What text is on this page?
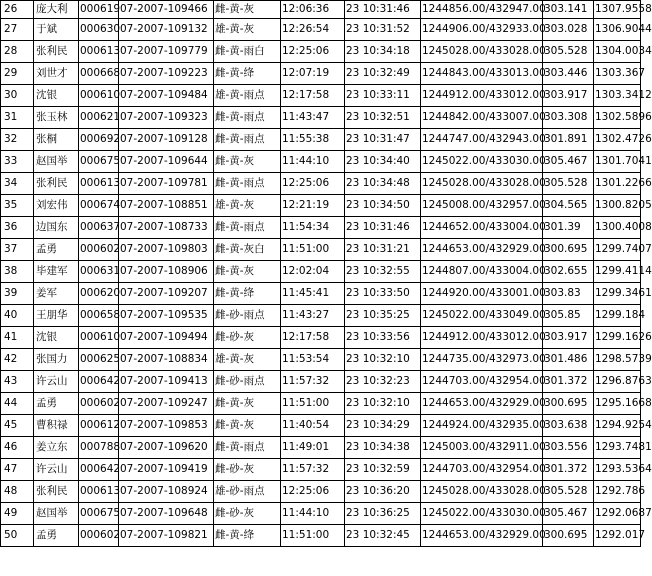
26	庞大利	000619	07-2007-109466	雌-黄-灰	12:06:36	23 10:31:46	1244856.00/432947.00	303.141	1307.9558
27	于斌	000630	07-2007-109132	雄-黄-灰	12:26:54	23 10:31:52	1244906.00/432933.00	303.028	1306.9044
28	张利民	000613	07-2007-109779	雌-黄-雨白	12:25:06	23 10:34:18	1245028.00/433028.00	305.528	1304.0034
29	刘世才	000668	07-2007-109223	雌-黄-绛	12:07:19	23 10:32:49	1244843.00/433013.00	303.446	1303.367
30	沈银	000610	07-2007-109484	雄-黄-雨点	12:17:58	23 10:33:11	1244912.00/433012.00	303.917	1303.3412
31	张玉林	000621	07-2007-109323	雌-黄-雨点	11:43:47	23 10:32:51	1244842.00/433007.00	303.308	1302.5896
32	张桐	000692	07-2007-109128	雌-黄-雨点	11:55:38	23 10:31:47	1244747.00/432943.00	301.891	1302.4726
33	赵国举	000675	07-2007-109644	雌-黄-灰	11:44:10	23 10:34:40	1245022.00/433030.00	305.467	1301.7041
34	张利民	000613	07-2007-109781	雌-黄-雨点	12:25:06	23 10:34:48	1245028.00/433028.00	305.528	1301.2266
35	刘宏伟	000674	07-2007-108851	雄-黄-灰	12:21:19	23 10:34:50	1245008.00/432957.00	304.565	1300.8205
36	边国东	000637	07-2007-108733	雌-黄-雨点	11:54:34	23 10:31:46	1244652.00/433004.00	301.39	1300.4008
37	孟勇	000602	07-2007-109803	雌-黄-灰白	11:51:00	23 10:31:21	1244653.00/432929.00	300.695	1299.7407
38	毕建军	000631	07-2007-108906	雌-黄-灰	12:02:04	23 10:32:55	1244807.00/433004.00	302.655	1299.4114
39	姜军	000620	07-2007-109207	雌-黄-绛	11:45:41	23 10:33:50	1244920.00/433001.00	303.83	1299.3461
40	王朋华	000658	07-2007-109535	雌-砂-雨点	11:43:27	23 10:35:25	1245022.00/433049.00	305.85	1299.184
41	沈银	000610	07-2007-109494	雌-砂-灰	12:17:58	23 10:33:56	1244912.00/433012.00	303.917	1299.1626
42	张国力	000625	07-2007-108834	雄-黄-灰	11:53:54	23 10:32:10	1244735.00/432973.00	301.486	1298.5739
43	许云山	000642	07-2007-109413	雌-砂-雨点	11:57:32	23 10:32:23	1244703.00/432954.00	301.372	1296.8763
44	孟勇	000602	07-2007-109247	雌-黄-灰	11:51:00	23 10:32:10	1244653.00/432929.00	300.695	1295.1668
45	曹积禄	000612	07-2007-109853	雌-黄-灰	11:40:54	23 10:34:29	1244924.00/432935.00	303.638	1294.9254
46	姜立东	000788	07-2007-109620	雌-黄-雨点	11:49:01	23 10:34:38	1245003.00/432911.00	303.556	1293.7481
47	许云山	000642	07-2007-109419	雌-砂-灰	11:57:32	23 10:32:59	1244703.00/432954.00	301.372	1293.5364
48	张利民	000613	07-2007-108924	雄-砂-雨点	12:25:06	23 10:36:20	1245028.00/433028.00	305.528	1292.786
49	赵国举	000675	07-2007-109648	雌-砂-灰	11:44:10	23 10:36:25	1245022.00/433030.00	305.467	1292.0687
50	孟勇	000602	07-2007-109821	雌-黄-绛	11:51:00	23 10:32:45	1244653.00/432929.00	300.695	1292.017
